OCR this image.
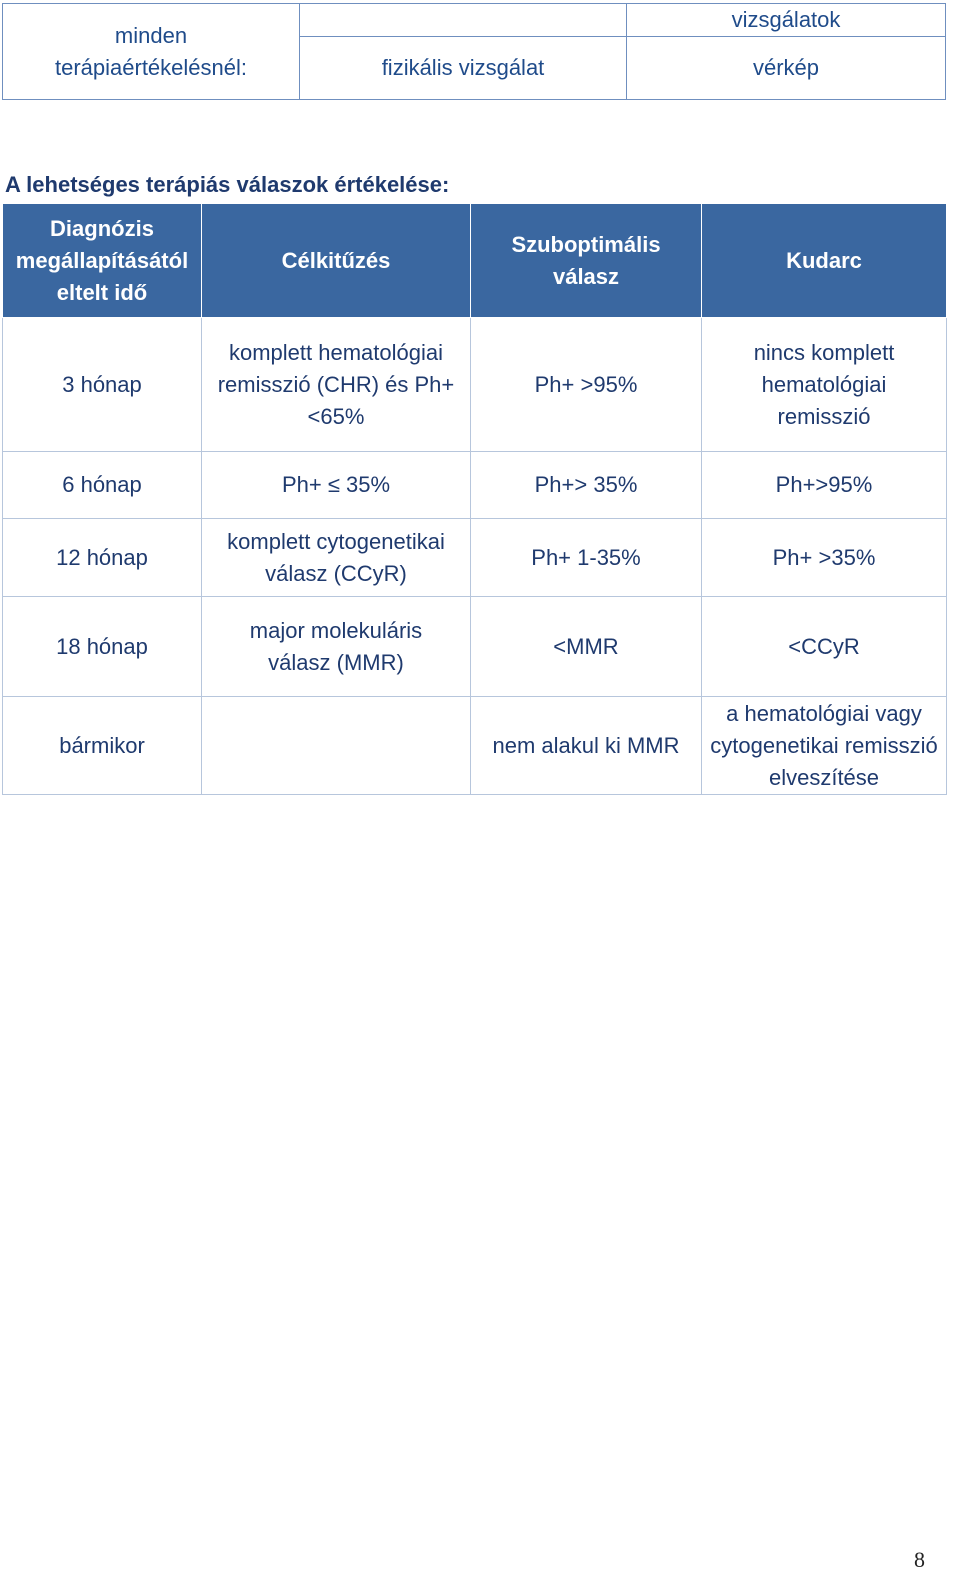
minden terápiaértékelésnél:		vizsgálatok
	fizikális vizsgálat	vérkép
A lehetséges terápiás válaszok értékelése:
Diagnózis megállapításától eltelt idő	Célkitűzés	Szuboptimális válasz	Kudarc
3 hónap	komplett hematológiai remisszió (CHR) és Ph+<65%	Ph+ >95%	nincs komplett hematológiai remisszió
6 hónap	Ph+ ≤ 35%	Ph+> 35%	Ph+>95%
12 hónap	komplett cytogenetikai válasz (CCyR)	Ph+ 1-35%	Ph+ >35%
18 hónap	major molekuláris válasz (MMR)	<MMR	<CCyR
bármikor		nem alakul ki MMR	a hematológiai vagy cytogenetikai remisszió elveszítése
8
